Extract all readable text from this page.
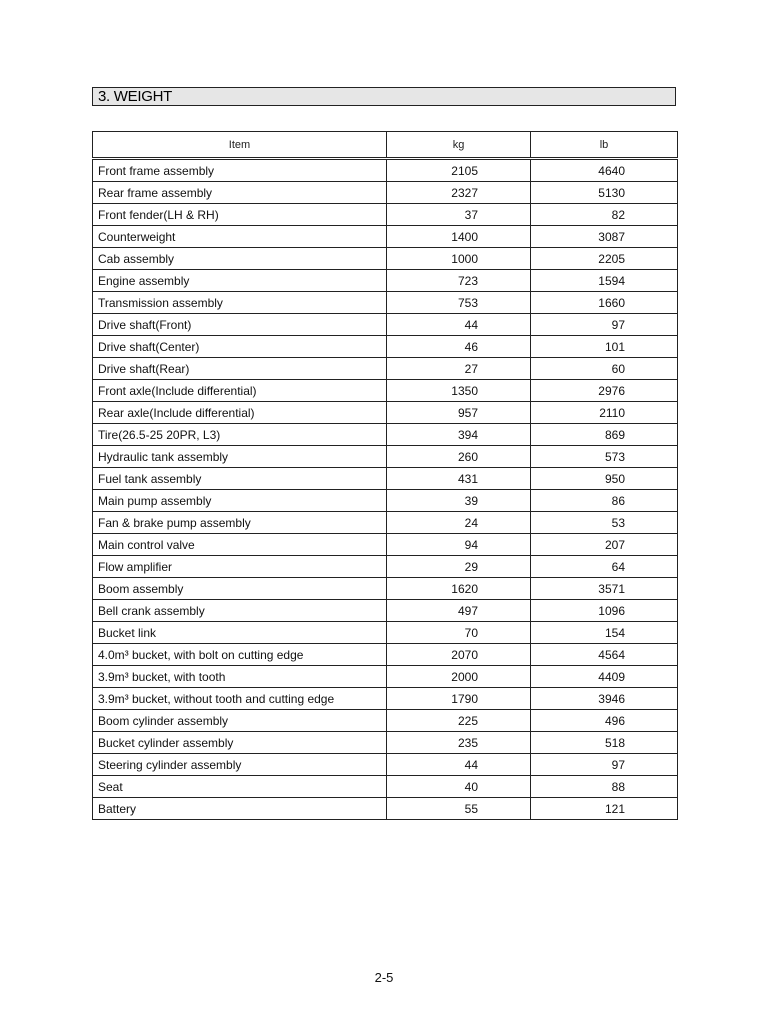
3. WEIGHT
Item	kg	lb
Front frame assembly	2105	4640
Rear frame assembly	2327	5130
Front fender(LH & RH)	37	82
Counterweight	1400	3087
Cab assembly	1000	2205
Engine assembly	723	1594
Transmission assembly	753	1660
Drive shaft(Front)	44	97
Drive shaft(Center)	46	101
Drive shaft(Rear)	27	60
Front axle(Include differential)	1350	2976
Rear axle(Include differential)	957	2110
Tire(26.5-25 20PR, L3)	394	869
Hydraulic tank assembly	260	573
Fuel tank assembly	431	950
Main pump assembly	39	86
Fan & brake pump assembly	24	53
Main control valve	94	207
Flow amplifier	29	64
Boom assembly	1620	3571
Bell crank assembly	497	1096
Bucket link	70	154
4.0m³ bucket, with bolt on cutting edge	2070	4564
3.9m³ bucket, with tooth	2000	4409
3.9m³ bucket, without tooth and cutting edge	1790	3946
Boom cylinder assembly	225	496
Bucket cylinder assembly	235	518
Steering cylinder assembly	44	97
Seat	40	88
Battery	55	121
2-5
